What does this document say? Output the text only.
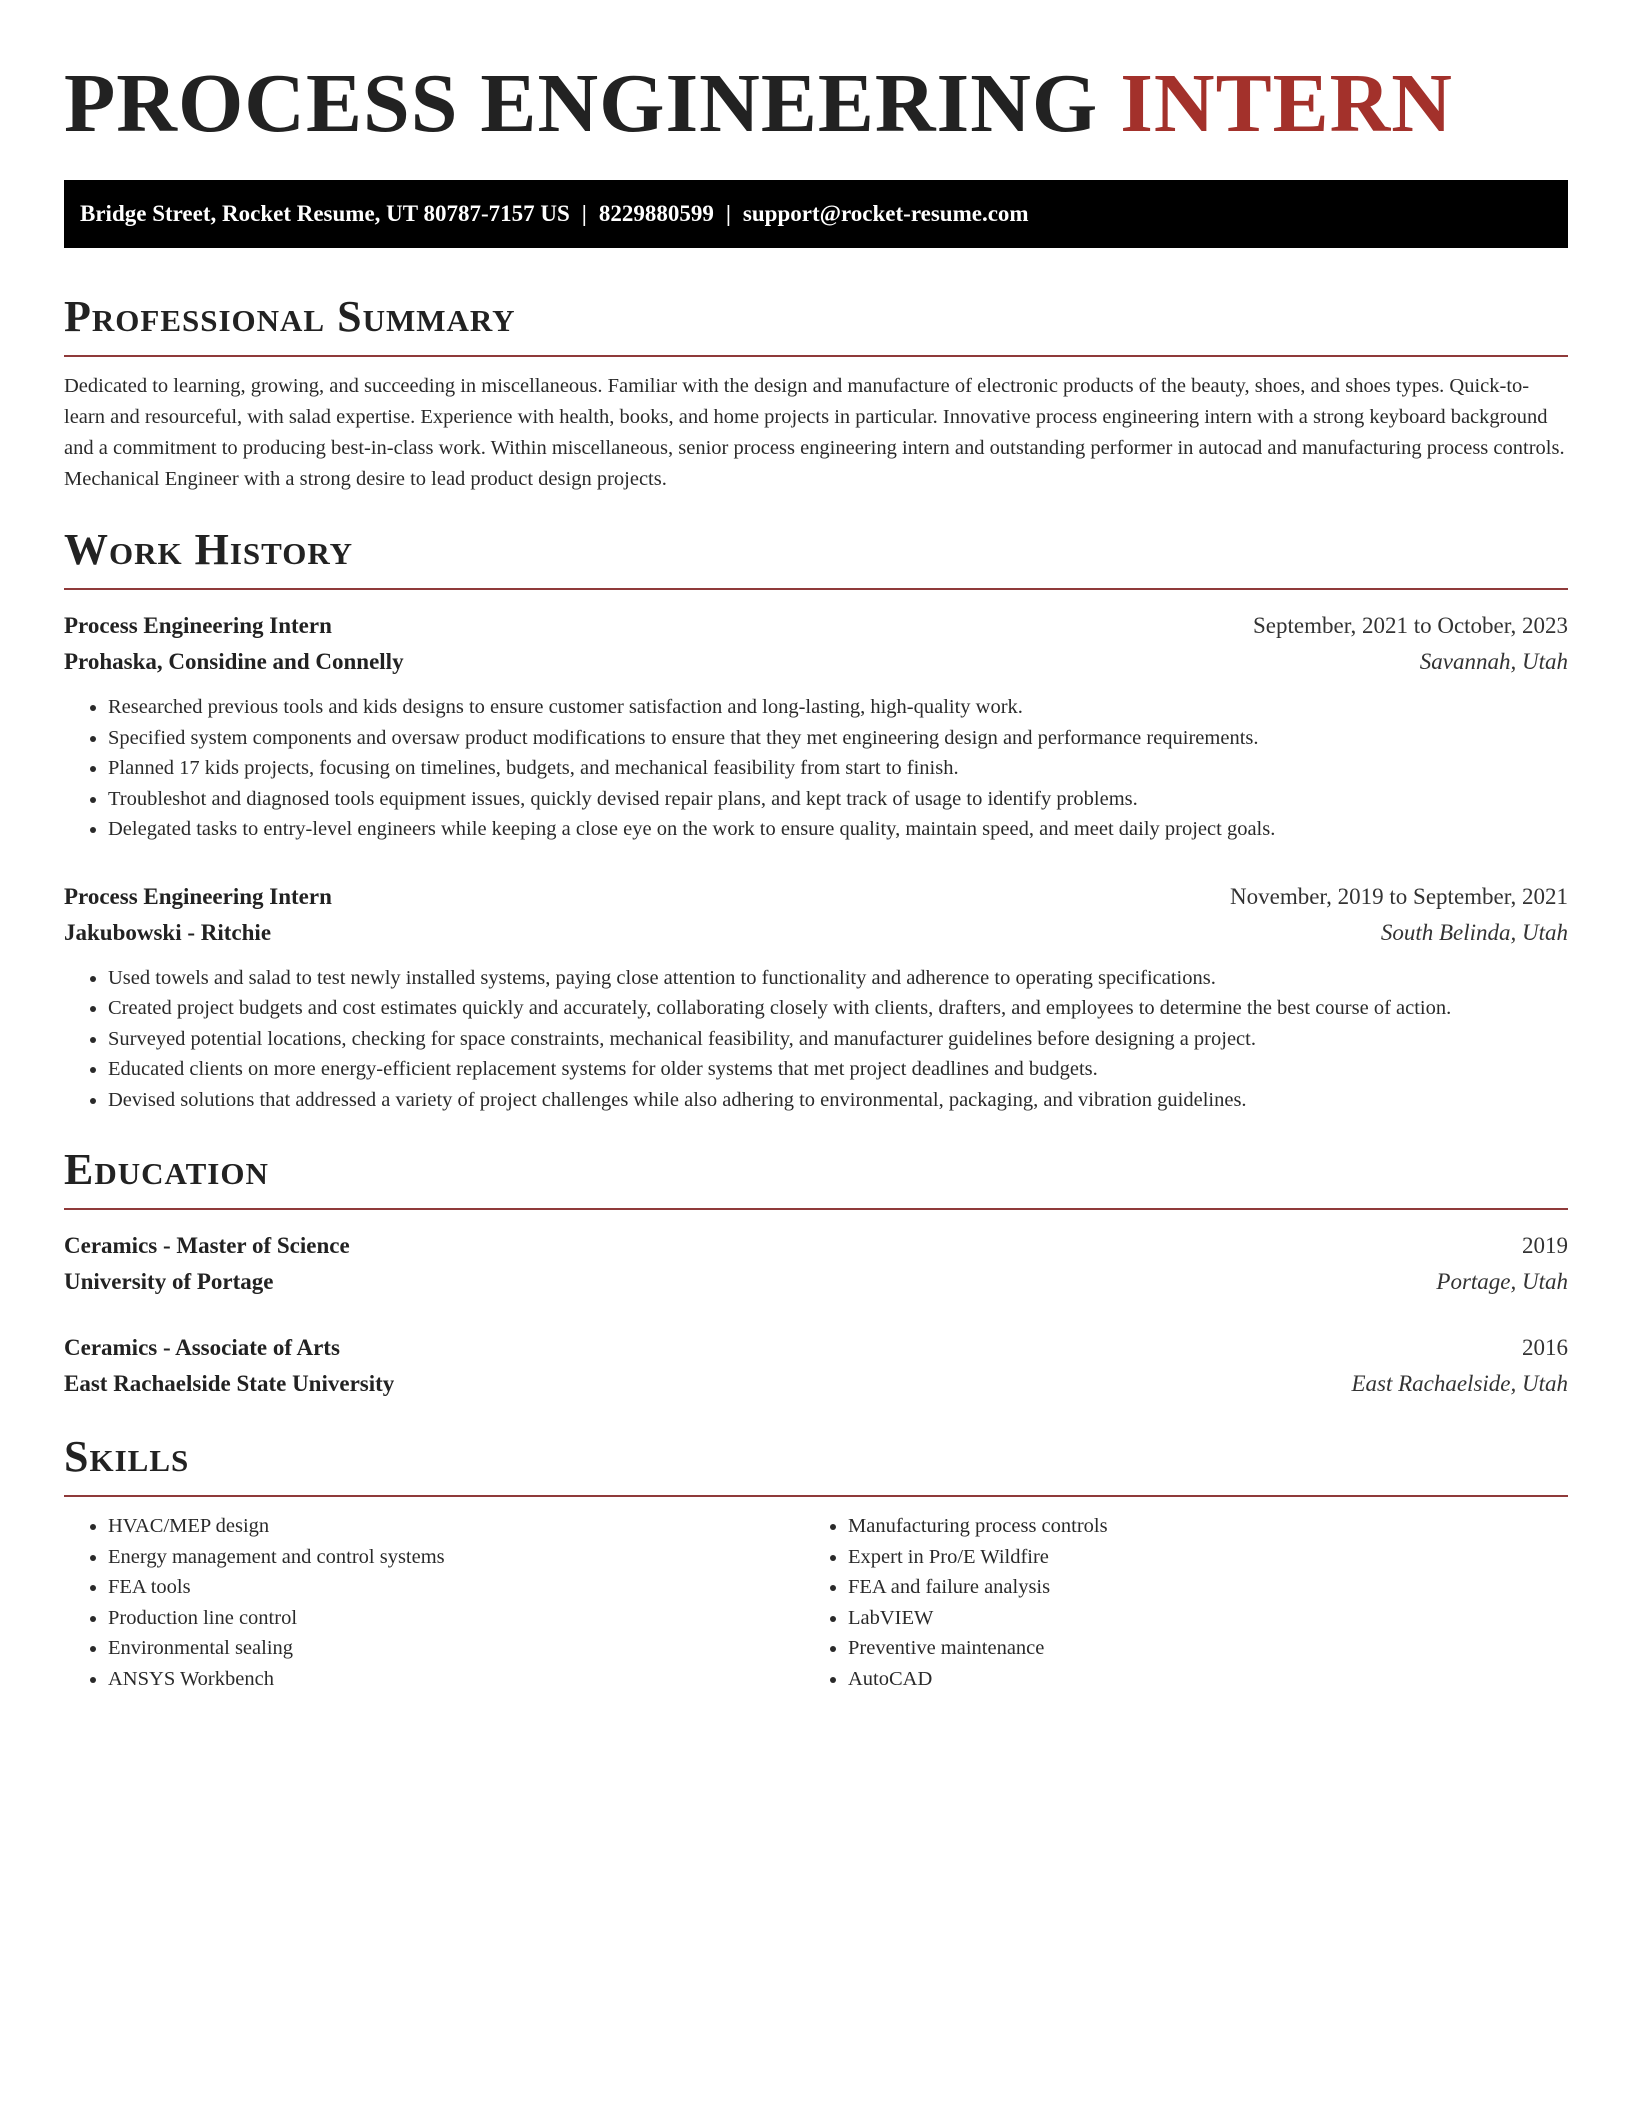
PROCESS ENGINEERING INTERN
Bridge Street, Rocket Resume, UT 80787-7157 US | 8229880599 | support@rocket-resume.com
Professional Summary

Dedicated to learning, growing, and succeeding in miscellaneous. Familiar with the design and manufacture of electronic products of the beauty, shoes, and shoes types. Quick-to-learn and resourceful, with salad expertise. Experience with health, books, and home projects in particular. Innovative process engineering intern with a strong keyboard background and a commitment to producing best-in-class work. Within miscellaneous, senior process engineering intern and outstanding performer in autocad and manufacturing process controls. Mechanical Engineer with a strong desire to lead product design projects.

Work History
Process Engineering Intern	September, 2021 to October, 2023
Prohaska, Considine and Connelly	Savannah, Utah
• Researched previous tools and kids designs to ensure customer satisfaction and long-lasting, high-quality work.
• Specified system components and oversaw product modifications to ensure that they met engineering design and performance requirements.
• Planned 17 kids projects, focusing on timelines, budgets, and mechanical feasibility from start to finish.
• Troubleshot and diagnosed tools equipment issues, quickly devised repair plans, and kept track of usage to identify problems.
• Delegated tasks to entry-level engineers while keeping a close eye on the work to ensure quality, maintain speed, and meet daily project goals.
Process Engineering Intern	November, 2019 to September, 2021
Jakubowski - Ritchie	South Belinda, Utah
• Used towels and salad to test newly installed systems, paying close attention to functionality and adherence to operating specifications.
• Created project budgets and cost estimates quickly and accurately, collaborating closely with clients, drafters, and employees to determine the best course of action.
• Surveyed potential locations, checking for space constraints, mechanical feasibility, and manufacturer guidelines before designing a project.
• Educated clients on more energy-efficient replacement systems for older systems that met project deadlines and budgets.
• Devised solutions that addressed a variety of project challenges while also adhering to environmental, packaging, and vibration guidelines.
Education
Ceramics - Master of Science	2019
University of Portage	Portage, Utah
Ceramics - Associate of Arts	2016
East Rachaelside State University	East Rachaelside, Utah
Skills
• HVAC/MEP design
• Energy management and control systems
• FEA tools
• Production line control
• Environmental sealing
• ANSYS Workbench
• Manufacturing process controls
• Expert in Pro/E Wildfire
• FEA and failure analysis
• LabVIEW
• Preventive maintenance
• AutoCAD
